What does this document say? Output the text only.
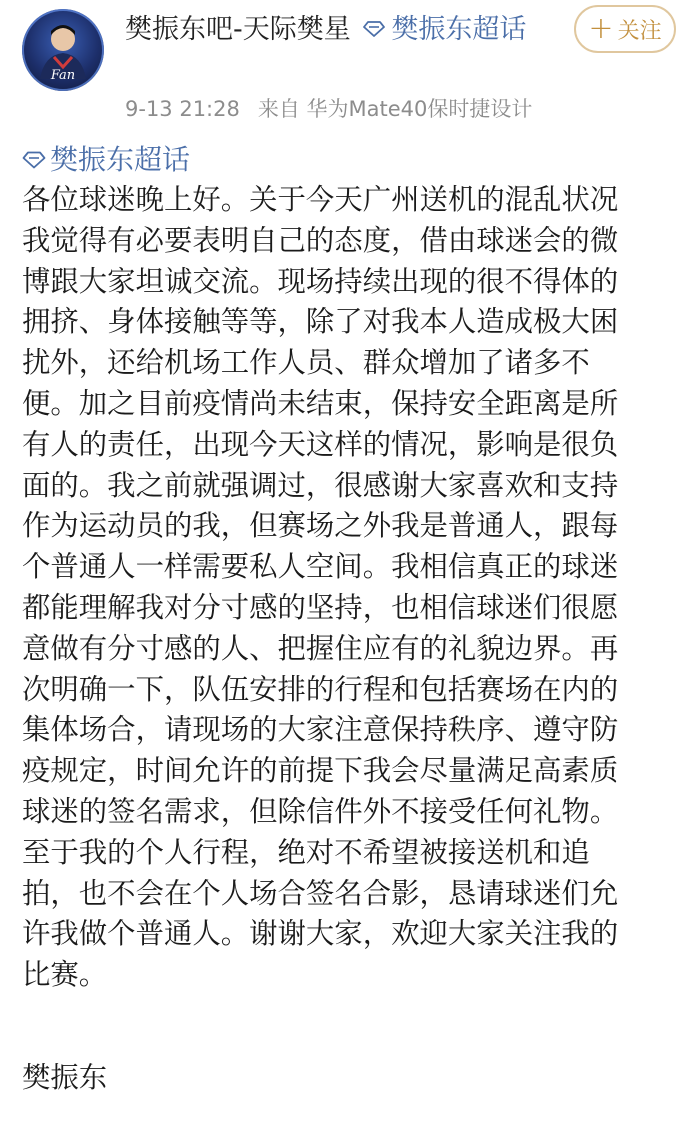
Fan

樊振东吧-天际樊星 樊振东超话	+ 关注
9-13 21:28 来自 华为Mate40保时捷设计
樊振东超话
各位球迷晚上好。关于今天广州送机的混乱状况
我觉得有必要表明自己的态度，借由球迷会的微
博跟大家坦诚交流。现场持续出现的很不得体的
拥挤、身体接触等等，除了对我本人造成极大困
扰外，还给机场工作人员、群众增加了诸多不
便。加之目前疫情尚未结束，保持安全距离是所
有人的责任，出现今天这样的情况，影响是很负
面的。我之前就强调过，很感谢大家喜欢和支持
作为运动员的我，但赛场之外我是普通人，跟每
个普通人一样需要私人空间。我相信真正的球迷
都能理解我对分寸感的坚持，也相信球迷们很愿
意做有分寸感的人、把握住应有的礼貌边界。再
次明确一下，队伍安排的行程和包括赛场在内的
集体场合，请现场的大家注意保持秩序、遵守防
疫规定，时间允许的前提下我会尽量满足高素质
球迷的签名需求，但除信件外不接受任何礼物。
至于我的个人行程，绝对不希望被接送机和追
拍，也不会在个人场合签名合影，恳请球迷们允
许我做个普通人。谢谢大家，欢迎大家关注我的
比赛。
樊振东
